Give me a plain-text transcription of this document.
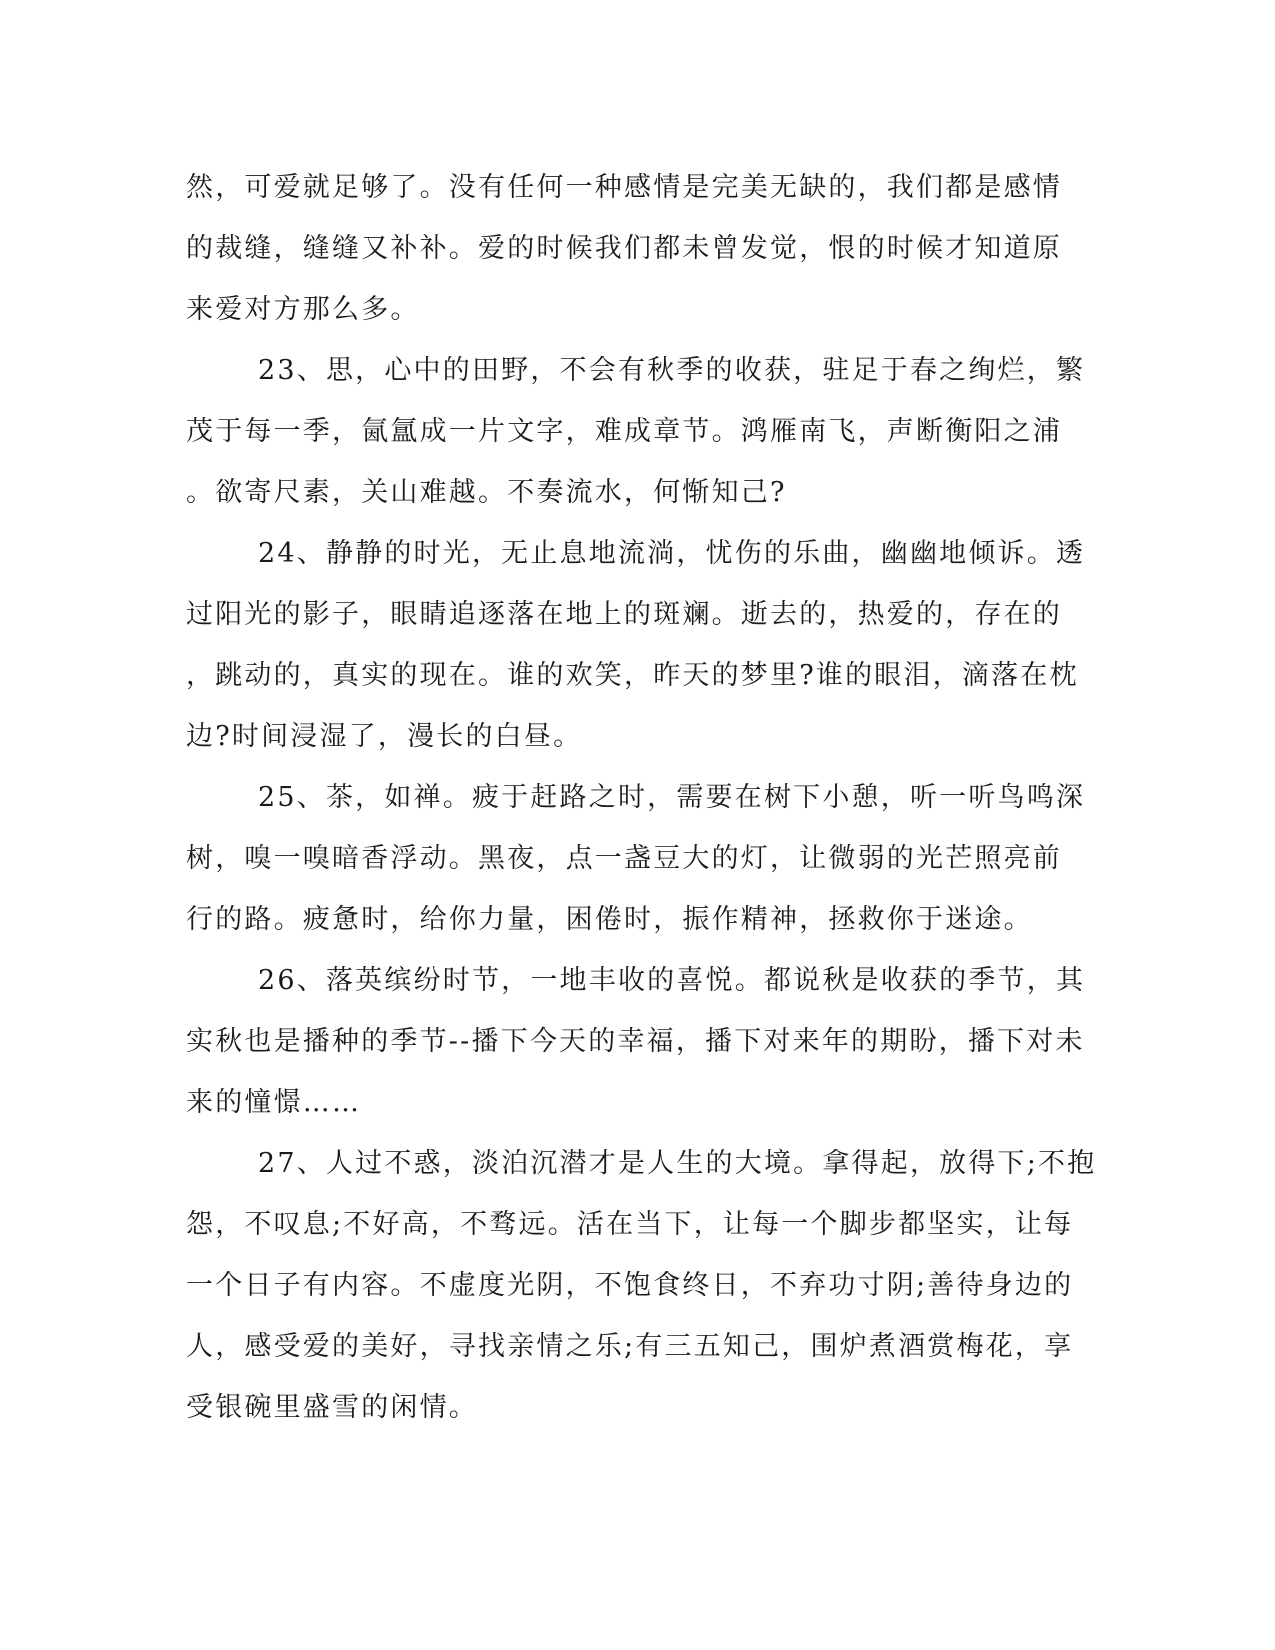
然，可爱就足够了。没有任何一种感情是完美无缺的，我们都是感情
的裁缝，缝缝又补补。爱的时候我们都未曾发觉，恨的时候才知道原
来爱对方那么多。
23、思，心中的田野，不会有秋季的收获，驻足于春之绚烂，繁
茂于每一季，氤氲成一片文字，难成章节。鸿雁南飞，声断衡阳之浦
。欲寄尺素，关山难越。不奏流水，何惭知己?
24、静静的时光，无止息地流淌，忧伤的乐曲，幽幽地倾诉。透
过阳光的影子，眼睛追逐落在地上的斑斓。逝去的，热爱的，存在的
，跳动的，真实的现在。谁的欢笑，昨天的梦里?谁的眼泪，滴落在枕
边?时间浸湿了，漫长的白昼。
25、茶，如禅。疲于赶路之时，需要在树下小憩，听一听鸟鸣深
树，嗅一嗅暗香浮动。黑夜，点一盏豆大的灯，让微弱的光芒照亮前
行的路。疲惫时，给你力量，困倦时，振作精神，拯救你于迷途。
26、落英缤纷时节，一地丰收的喜悦。都说秋是收获的季节，其
实秋也是播种的季节--播下今天的幸福，播下对来年的期盼，播下对未
来的憧憬……
27、人过不惑，淡泊沉潜才是人生的大境。拿得起，放得下;不抱
怨，不叹息;不好高，不骛远。活在当下，让每一个脚步都坚实，让每
一个日子有内容。不虚度光阴，不饱食终日，不弃功寸阴;善待身边的
人，感受爱的美好，寻找亲情之乐;有三五知己，围炉煮酒赏梅花，享
受银碗里盛雪的闲情。
